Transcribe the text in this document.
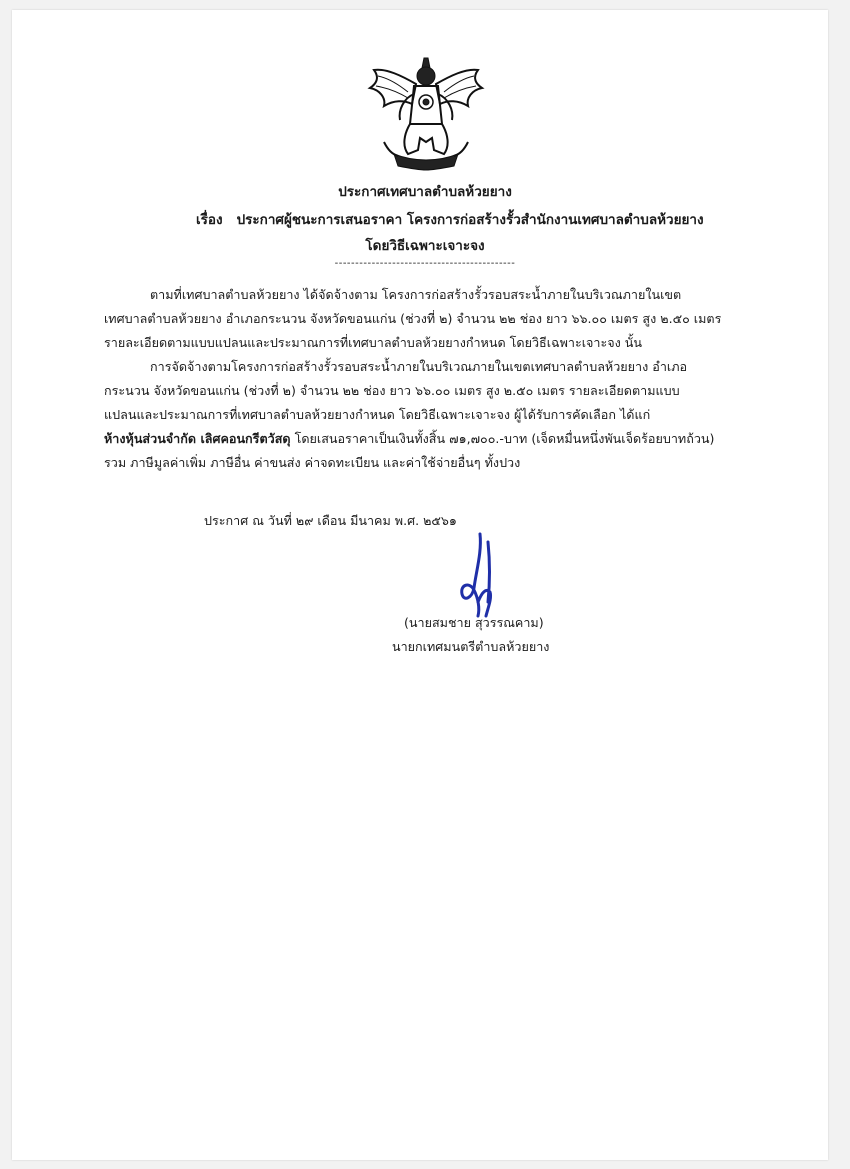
ประกาศเทศบาลตำบลห้วยยาง
เรื่อง ประกาศผู้ชนะการเสนอราคา โครงการก่อสร้างรั้วสำนักงานเทศบาลตำบลห้วยยาง
โดยวิธีเฉพาะเจาะจง
--------------------------------------------
ตามที่เทศบาลตำบลห้วยยาง ได้จัดจ้างตาม โครงการก่อสร้างรั้วรอบสระน้ำภายในบริเวณภายในเขต
เทศบาลตำบลห้วยยาง อำเภอกระนวน จังหวัดขอนแก่น (ช่วงที่ ๒) จำนวน ๒๒ ช่อง ยาว ๖๖.๐๐ เมตร สูง ๒.๕๐ เมตร
รายละเอียดตามแบบแปลนและประมาณการที่เทศบาลตำบลห้วยยางกำหนด โดยวิธีเฉพาะเจาะจง นั้น
การจัดจ้างตามโครงการก่อสร้างรั้วรอบสระน้ำภายในบริเวณภายในเขตเทศบาลตำบลห้วยยาง อำเภอ
กระนวน จังหวัดขอนแก่น (ช่วงที่ ๒) จำนวน ๒๒ ช่อง ยาว ๖๖.๐๐ เมตร สูง ๒.๕๐ เมตร รายละเอียดตามแบบ
แปลนและประมาณการที่เทศบาลตำบลห้วยยางกำหนด โดยวิธีเฉพาะเจาะจง ผู้ได้รับการคัดเลือก ได้แก่
ห้างหุ้นส่วนจำกัด เลิศคอนกรีตวัสดุ โดยเสนอราคาเป็นเงินทั้งสิ้น ๗๑,๗๐๐.-บาท (เจ็ดหมื่นหนึ่งพันเจ็ดร้อยบาทถ้วน)
รวม ภาษีมูลค่าเพิ่ม ภาษีอื่น ค่าขนส่ง ค่าจดทะเบียน และค่าใช้จ่ายอื่นๆ ทั้งปวง
ประกาศ ณ วันที่ ๒๙ เดือน มีนาคม พ.ศ. ๒๕๖๑
(นายสมชาย สุวรรณคาม)
นายกเทศมนตรีตำบลห้วยยาง
